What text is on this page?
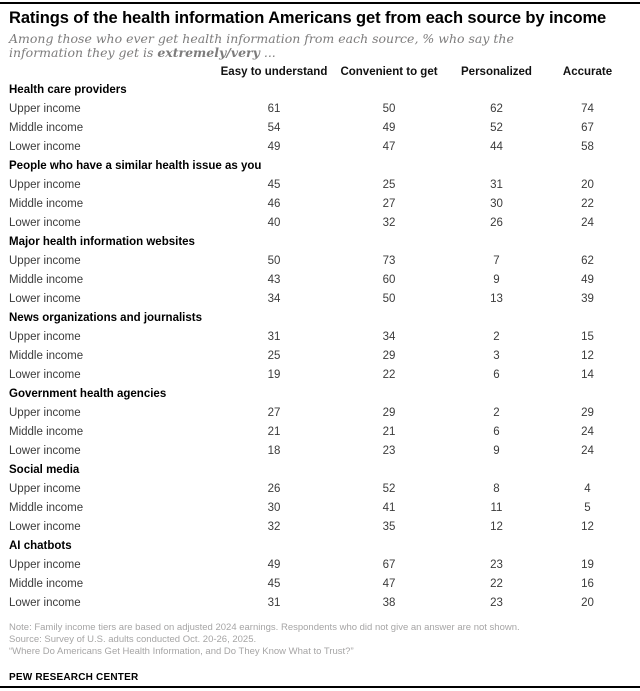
Ratings of the health information Americans get from each source by income

Among those who ever get health information from each source, % who say the information they get is extremely/very ...

	Easy to understand	Convenient to get	Personalized	Accurate
Health care providers				
Upper income	61	50	62	74
Middle income	54	49	52	67
Lower income	49	47	44	58
People who have a similar health issue as you				
Upper income	45	25	31	20
Middle income	46	27	30	22
Lower income	40	32	26	24
Major health information websites				
Upper income	50	73	7	62
Middle income	43	60	9	49
Lower income	34	50	13	39
News organizations and journalists				
Upper income	31	34	2	15
Middle income	25	29	3	12
Lower income	19	22	6	14
Government health agencies				
Upper income	27	29	2	29
Middle income	21	21	6	24
Lower income	18	23	9	24
Social media				
Upper income	26	52	8	4
Middle income	30	41	11	5
Lower income	32	35	12	12
AI chatbots				
Upper income	49	67	23	19
Middle income	45	47	22	16
Lower income	31	38	23	20
Note: Family income tiers are based on adjusted 2024 earnings. Respondents who did not give an answer are not shown.
Source: Survey of U.S. adults conducted Oct. 20-26, 2025.
“Where Do Americans Get Health Information, and Do They Know What to Trust?”
PEW RESEARCH CENTER
